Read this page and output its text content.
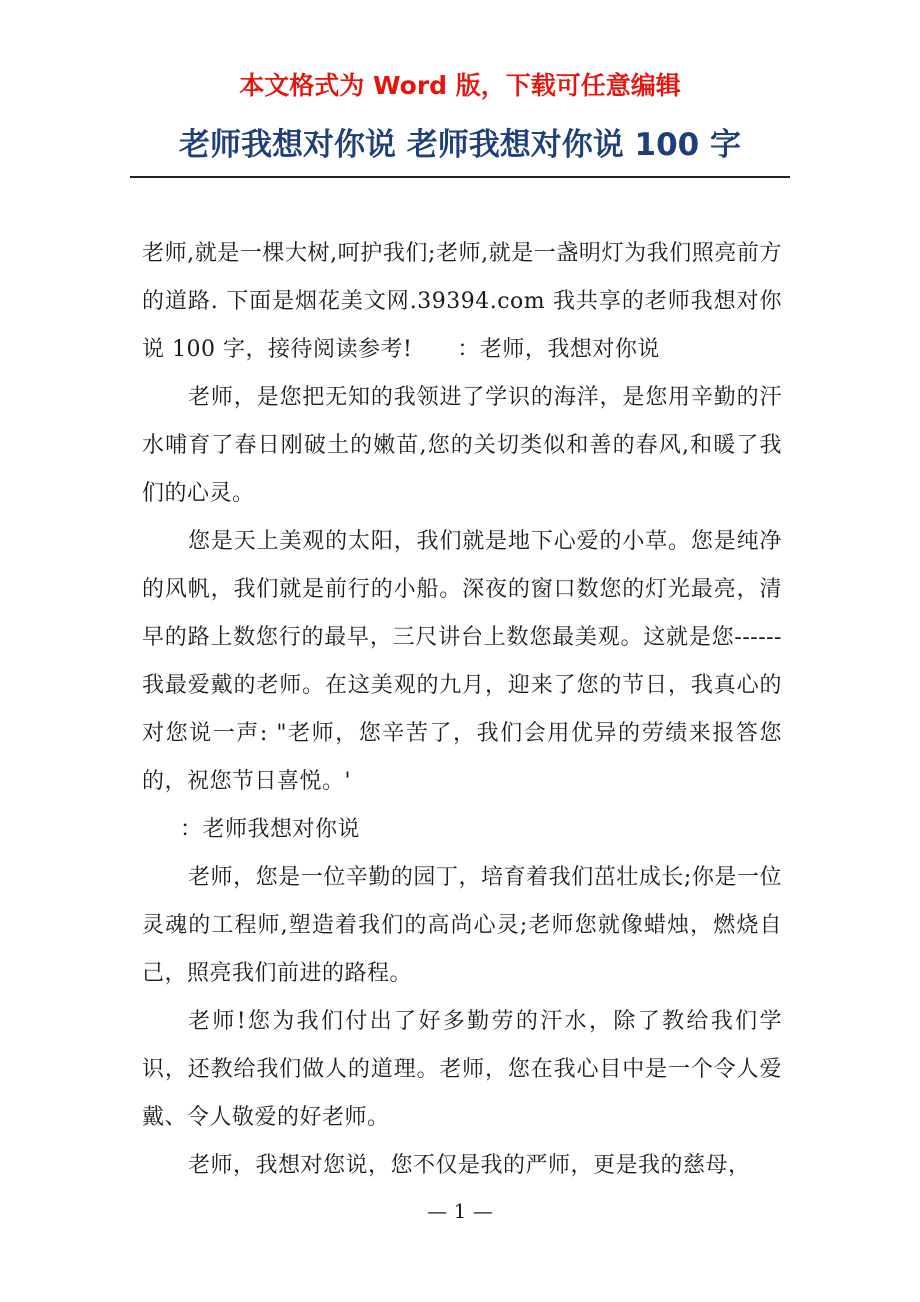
本文格式为 Word 版，下载可任意编辑
老师我想对你说 老师我想对你说 100 字

老师,就是一棵大树,呵护我们;老师,就是一盏明灯为我们照亮前方的道路. 下面是烟花美文网.39394.com 我共享的老师我想对你说 100 字，接待阅读参考!　　：老师，我想对你说

老师，是您把无知的我领进了学识的海洋，是您用辛勤的汗水哺育了春日刚破土的嫩苗,您的关切类似和善的春风,和暖了我们的心灵。

您是天上美观的太阳，我们就是地下心爱的小草。您是纯净的风帆，我们就是前行的小船。深夜的窗口数您的灯光最亮，清早的路上数您行的最早，三尺讲台上数您最美观。这就是您------我最爱戴的老师。在这美观的九月，迎来了您的节日，我真心的对您说一声: "老师，您辛苦了，我们会用优异的劳绩来报答您的，祝您节日喜悦。'

：老师我想对你说

老师，您是一位辛勤的园丁，培育着我们茁壮成长;你是一位灵魂的工程师,塑造着我们的高尚心灵;老师您就像蜡烛，燃烧自己，照亮我们前进的路程。

老师!您为我们付出了好多勤劳的汗水，除了教给我们学识，还教给我们做人的道理。老师，您在我心目中是一个令人爱戴、令人敬爱的好老师。

老师，我想对您说，您不仅是我的严师，更是我的慈母，

— 1 —
